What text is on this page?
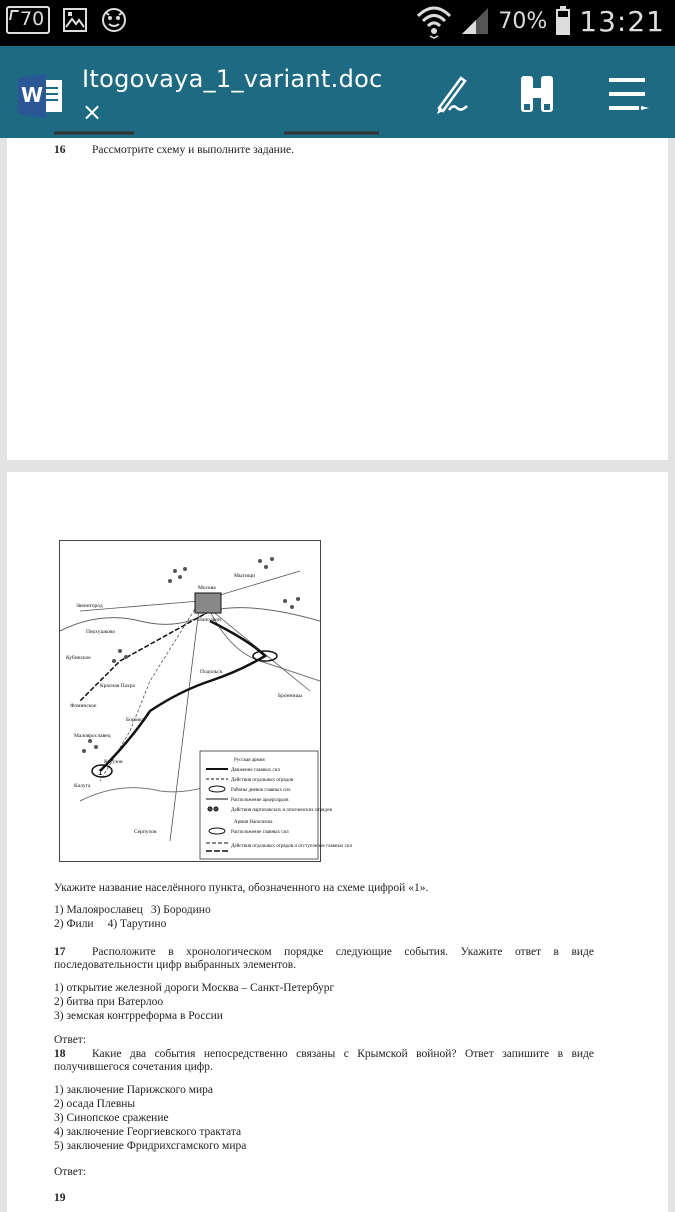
70	70% 13:21
W
Itogovaya_1_variant.doc
×
16 Рассмотрите схему и выполните задание.
1
Москва
Наполеон
Кутузов
Звенигород
Перхушково
Кубинское
Фоминское
Красная Пахра
Боровск
Малоярославец
Калуга
Серпухов
Подольск
Бронницы
Мытищи
Русская армия
Движение главных сил
Действия отдельных отрядов
Районы дневок главных сил
Расположение арьергардов
Действия партизанских и ополченских отрядов
Армия Наполеона
Расположение главных сил
Действия отдельных отрядов и отступление главных сил
Укажите название населённого пункта, обозначенного на схеме цифрой «1».
1) Малоярославец 3) Бородино
2) Фили 4) Тарутино
17 Расположите в хронологическом порядке следующие события. Укажите ответ в виде последовательности цифр выбранных элементов.
1) открытие железной дороги Москва – Санкт-Петербург
2) битва при Ватерлоо
3) земская контрреформа в России
Ответ:
18 Какие два события непосредственно связаны с Крымской войной? Ответ запишите в виде получившегося сочетания цифр.
1) заключение Парижского мира
2) осада Плевны
3) Синопское сражение
4) заключение Георгиевского трактата
5) заключение Фридрихсгамского мира
Ответ:
19
